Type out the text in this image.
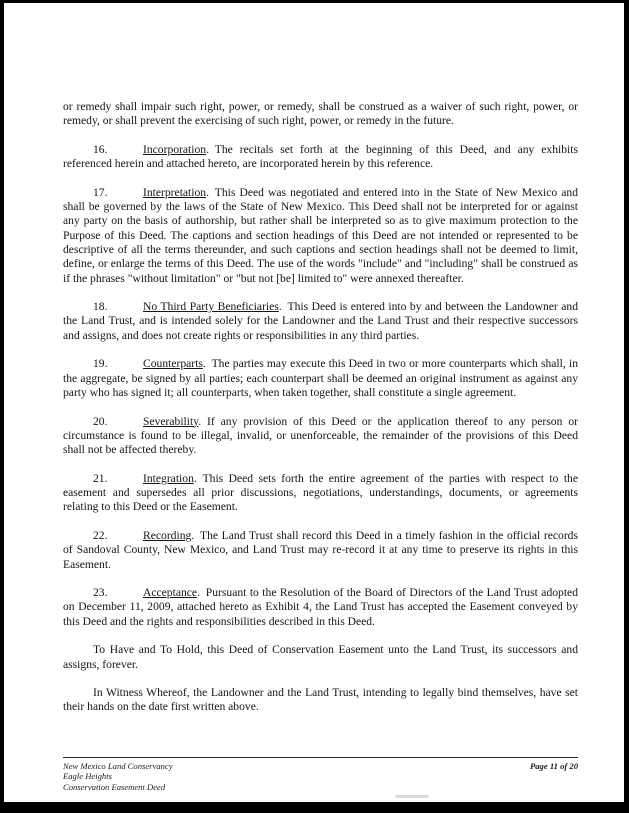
or remedy shall impair such right, power, or remedy, shall be construed as a waiver of such right, power, or remedy, or shall prevent the exercising of such right, power, or remedy in the future.

16.	Incorporation. The recitals set forth at the beginning of this Deed, and any exhibits referenced herein and attached hereto, are incorporated herein by this reference.

17.	Interpretation. This Deed was negotiated and entered into in the State of New Mexico and shall be governed by the laws of the State of New Mexico. This Deed shall not be interpreted for or against any party on the basis of authorship, but rather shall be interpreted so as to give maximum protection to the Purpose of this Deed. The captions and section headings of this Deed are not intended or represented to be descriptive of all the terms thereunder, and such captions and section headings shall not be deemed to limit, define, or enlarge the terms of this Deed. The use of the words "include" and "including" shall be construed as if the phrases "without limitation" or "but not [be] limited to" were annexed thereafter.

18.	No Third Party Beneficiaries. This Deed is entered into by and between the Landowner and the Land Trust, and is intended solely for the Landowner and the Land Trust and their respective successors and assigns, and does not create rights or responsibilities in any third parties.

19.	Counterparts. The parties may execute this Deed in two or more counterparts which shall, in the aggregate, be signed by all parties; each counterpart shall be deemed an original instrument as against any party who has signed it; all counterparts, when taken together, shall constitute a single agreement.

20.	Severability. If any provision of this Deed or the application thereof to any person or circumstance is found to be illegal, invalid, or unenforceable, the remainder of the provisions of this Deed shall not be affected thereby.

21.	Integration. This Deed sets forth the entire agreement of the parties with respect to the easement and supersedes all prior discussions, negotiations, understandings, documents, or agreements relating to this Deed or the Easement.

22.	Recording. The Land Trust shall record this Deed in a timely fashion in the official records of Sandoval County, New Mexico, and Land Trust may re-record it at any time to preserve its rights in this Easement.

23.	Acceptance. Pursuant to the Resolution of the Board of Directors of the Land Trust adopted on December 11, 2009, attached hereto as Exhibit 4, the Land Trust has accepted the Easement conveyed by this Deed and the rights and responsibilities described in this Deed.

To Have and To Hold, this Deed of Conservation Easement unto the Land Trust, its successors and assigns, forever.

In Witness Whereof, the Landowner and the Land Trust, intending to legally bind themselves, have set their hands on the date first written above.

New Mexico Land Conservancy
Eagle Heights
Conservation Easement Deed
Page 11 of 20
